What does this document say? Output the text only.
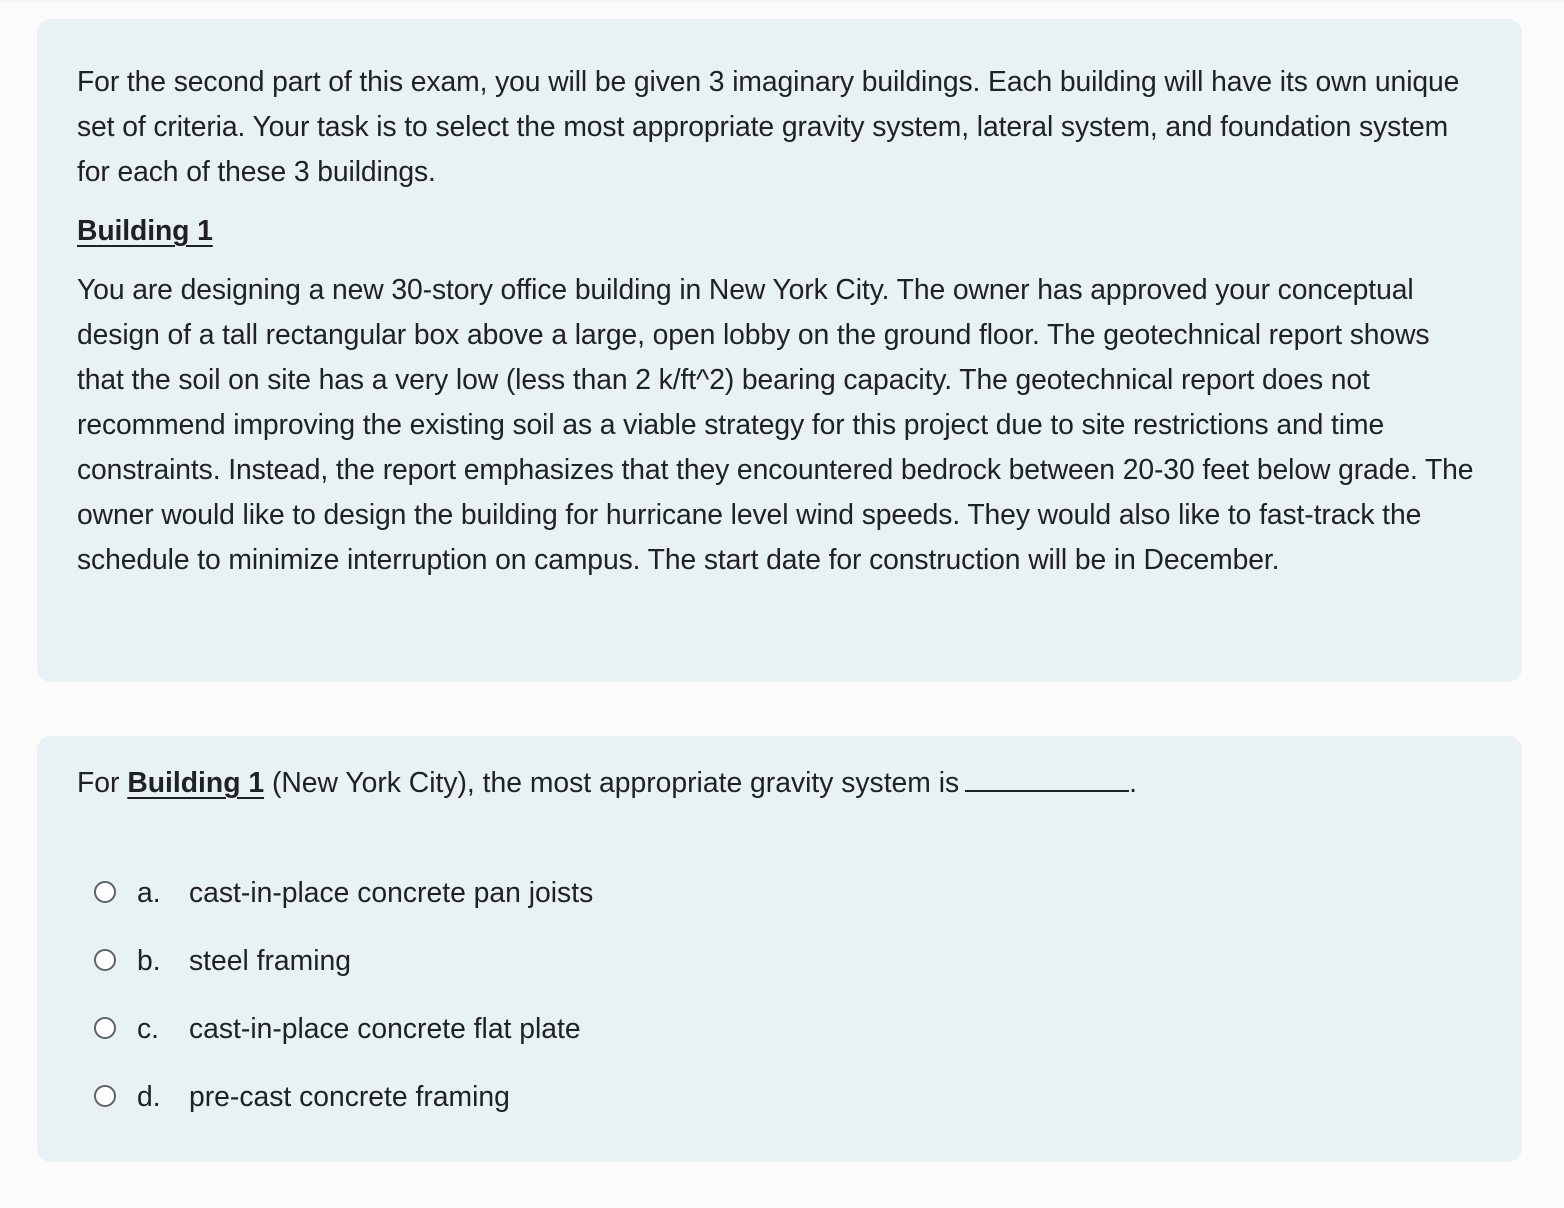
For the second part of this exam, you will be given 3 imaginary buildings. Each building will have its own unique set of criteria. Your task is to select the most appropriate gravity system, lateral system, and foundation system for each of these 3 buildings.

Building 1

You are designing a new 30-story office building in New York City. The owner has approved your conceptual design of a tall rectangular box above a large, open lobby on the ground floor. The geotechnical report shows that the soil on site has a very low (less than 2 k/ft^2) bearing capacity. The geotechnical report does not recommend improving the existing soil as a viable strategy for this project due to site restrictions and time constraints. Instead, the report emphasizes that they encountered bedrock between 20-30 feet below grade. The owner would like to design the building for hurricane level wind speeds. They would also like to fast-track the schedule to minimize interruption on campus. The start date for construction will be in December.

For Building 1 (New York City), the most appropriate gravity system is	.
a.	cast-in-place concrete pan joists
b.	steel framing
c.	cast-in-place concrete flat plate
d.	pre-cast concrete framing
